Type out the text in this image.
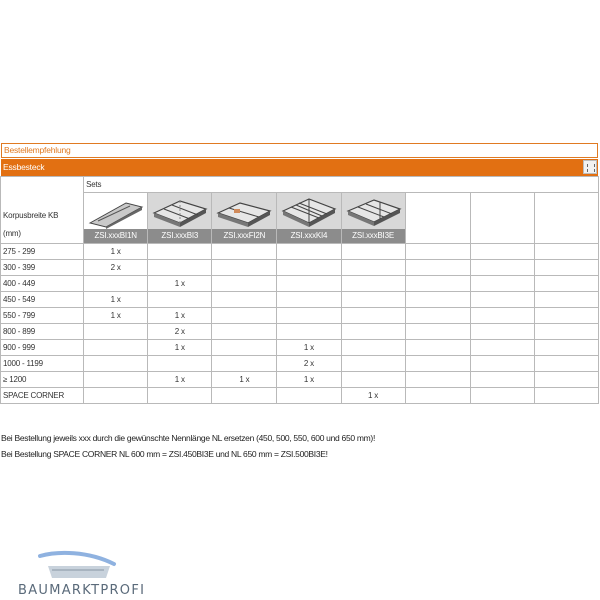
Bestellempfehlung
Essbesteck
Korpusbreite KB
(mm)	Sets							

	ZSI.xxxBI1N	ZSI.xxxBI3	ZSI.xxxFI2N	ZSI.xxxKI4	ZSI.xxxBI3E			

275 - 299	1 x							
300 - 399	2 x							
400 - 449		1 x						
450 - 549	1 x							
550 - 799	1 x	1 x						
800 - 899		2 x						
900 - 999		1 x		1 x				
1000 - 1199				2 x				
≥ 1200		1 x	1 x	1 x				
SPACE CORNER					1 x			
Bei Bestellung jeweils xxx durch die gewünschte Nennlänge NL ersetzen (450, 500, 550, 600 und 650 mm)!
Bei Bestellung SPACE CORNER NL 600 mm = ZSI.450BI3E und NL 650 mm = ZSI.500BI3E!
BAUMARKTPROFI
